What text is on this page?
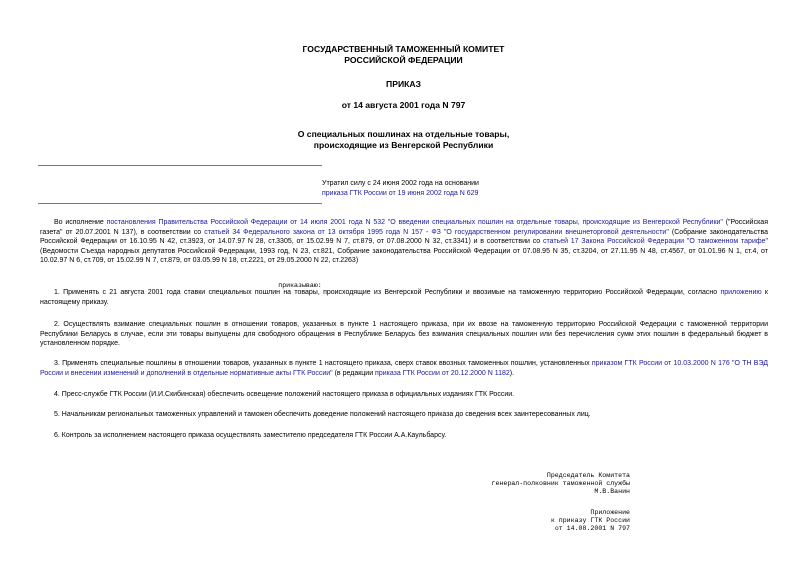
ГОСУДАРСТВЕННЫЙ ТАМОЖЕННЫЙ КОМИТЕТ
РОССИЙСКОЙ ФЕДЕРАЦИИ
ПРИКАЗ
от 14 августа 2001 года N 797
О специальных пошлинах на отдельные товары,
происходящие из Венгерской Республики
Утратил силу с 24 июня 2002 года на основании
приказа ГТК России от 19 июня 2002 года N 629
Во исполнение постановления Правительства Российской Федерации от 14 июля 2001 года N 532 "О введении специальных пошлин на отдельные товары, происходящие из Венгерской Республики" ("Российская газета" от 20.07.2001 N 137), в соответствии со статьей 34 Федерального закона от 13 октября 1995 года N 157 - ФЗ "О государственном регулировании внешнеторговой деятельности" (Собрание законодательства Российской Федерации от 16.10.95 N 42, ст.3923, от 14.07.97 N 28, ст.3305, от 15.02.99 N 7, ст.879, от 07.08.2000 N 32, ст.3341) и в соответствии со статьей 17 Закона Российской Федерации "О таможенном тарифе" (Ведомости Съезда народных депутатов Российской Федерации, 1993 год, N 23, ст.821, Собрание законодательства Российской Федерации от 07.08.95 N 35, ст.3204, от 27.11.95 N 48, ст.4567, от 01.01.96 N 1, ст.4, от 10.02.97 N 6, ст.709, от 15.02.99 N 7, ст.879, от 03.05.99 N 18, ст.2221, от 29.05.2000 N 22, ст.2263)
приказываю:
1. Применять с 21 августа 2001 года ставки специальных пошлин на товары, происходящие из Венгерской Республики и ввозимые на таможенную территорию Российской Федерации, согласно приложению к настоящему приказу.
2. Осуществлять взимание специальных пошлин в отношении товаров, указанных в пункте 1 настоящего приказа, при их ввозе на таможенную территорию Российской Федерации с таможенной территории Республики Беларусь в случае, если эти товары выпущены для свободного обращения в Республике Беларусь без взимания специальных пошлин или без перечисления сумм этих пошлин в федеральный бюджет в установленном порядке.
3. Применять специальные пошлины в отношении товаров, указанных в пункте 1 настоящего приказа, сверх ставок ввозных таможенных пошлин, установленных приказом ГТК России от 10.03.2000 N 176 "О ТН ВЭД России и внесении изменений и дополнений в отдельные нормативные акты ГТК России" (в редакции приказа ГТК России от 20.12.2000 N 1182).
4. Пресс-службе ГТК России (И.И.Скибинская) обеспечить освещение положений настоящего приказа в официальных изданиях ГТК России.
5. Начальникам региональных таможенных управлений и таможен обеспечить доведение положений настоящего приказа до сведения всех заинтересованных лиц.
6. Контроль за исполнением настоящего приказа осуществлять заместителю председателя ГТК России А.А.Каульбарсу.
Председатель Комитета
генерал-полковник таможенной службы
М.В.Ванин
Приложение
к приказу ГТК России
от 14.08.2001 N 797
